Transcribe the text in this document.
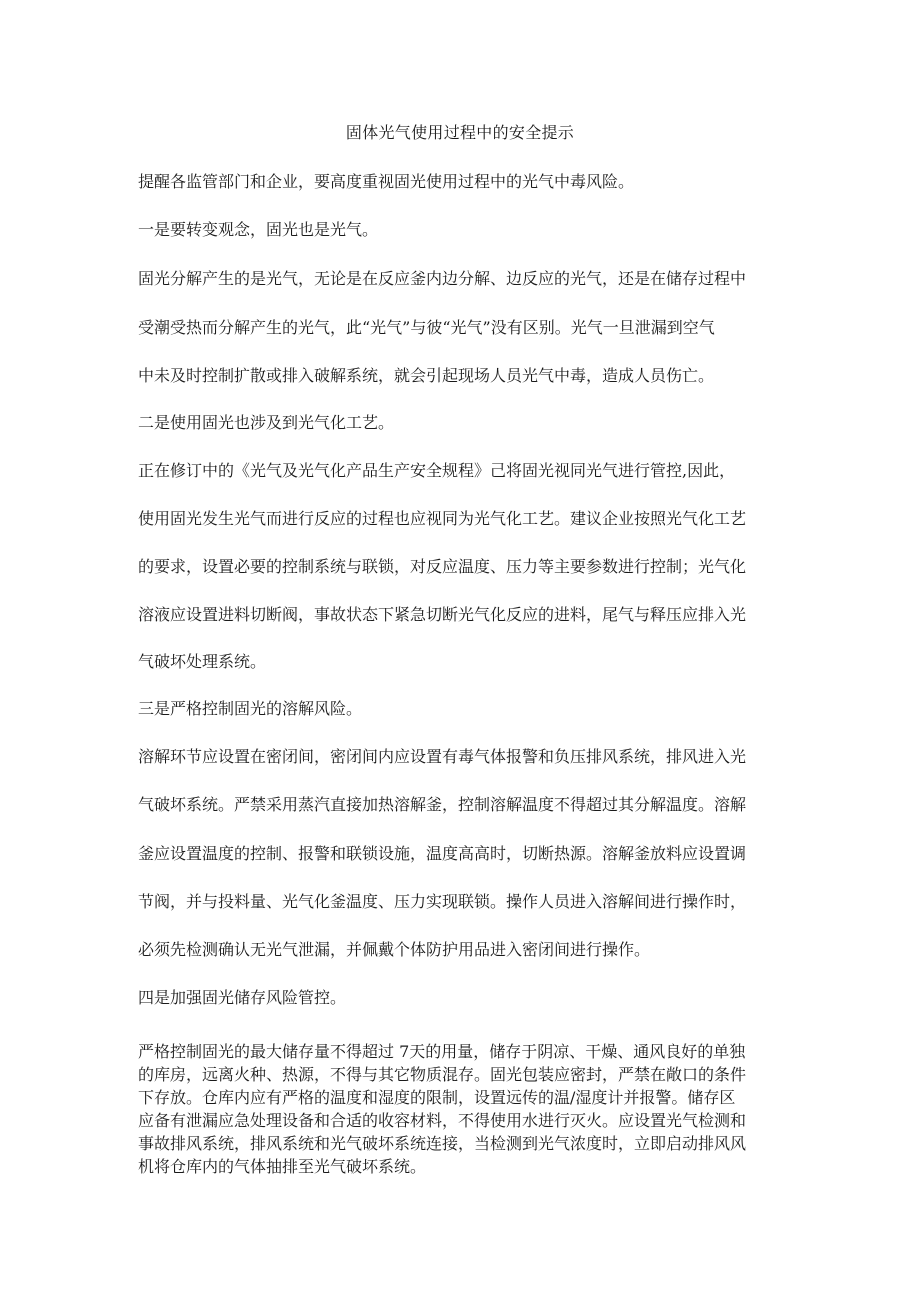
固体光气使用过程中的安全提示
提醒各监管部门和企业，要高度重视固光使用过程中的光气中毒风险。
一是要转变观念，固光也是光气。
固光分解产生的是光气，无论是在反应釜内边分解、边反应的光气，还是在储存过程中
受潮受热而分解产生的光气，此“光气”与彼“光气”没有区别。光气一旦泄漏到空气
中未及时控制扩散或排入破解系统，就会引起现场人员光气中毒，造成人员伤亡。
二是使用固光也涉及到光气化工艺。
正在修订中的《光气及光气化产品生产安全规程》己将固光视同光气进行管控,因此，
使用固光发生光气而进行反应的过程也应视同为光气化工艺。建议企业按照光气化工艺
的要求，设置必要的控制系统与联锁，对反应温度、压力等主要参数进行控制；光气化
溶液应设置进料切断阀，事故状态下紧急切断光气化反应的进料，尾气与释压应排入光
气破坏处理系统。
三是严格控制固光的溶解风险。
溶解环节应设置在密闭间，密闭间内应设置有毒气体报警和负压排风系统，排风进入光
气破坏系统。严禁采用蒸汽直接加热溶解釜，控制溶解温度不得超过其分解温度。溶解
釜应设置温度的控制、报警和联锁设施，温度高高时，切断热源。溶解釜放料应设置调
节阀，并与投料量、光气化釜温度、压力实现联锁。操作人员进入溶解间进行操作时，
必须先检测确认无光气泄漏，并佩戴个体防护用品进入密闭间进行操作。
四是加强固光储存风险管控。
严格控制固光的最大储存量不得超过 7天的用量，储存于阴凉、干燥、通风良好的单独
的库房，远离火种、热源，不得与其它物质混存。固光包装应密封，严禁在敞口的条件
下存放。仓库内应有严格的温度和湿度的限制，设置远传的温/湿度计并报警。储存区
应备有泄漏应急处理设备和合适的收容材料，不得使用水进行灭火。应设置光气检测和
事故排风系统，排风系统和光气破坏系统连接，当检测到光气浓度时，立即启动排风风
机将仓库内的气体抽排至光气破坏系统。
